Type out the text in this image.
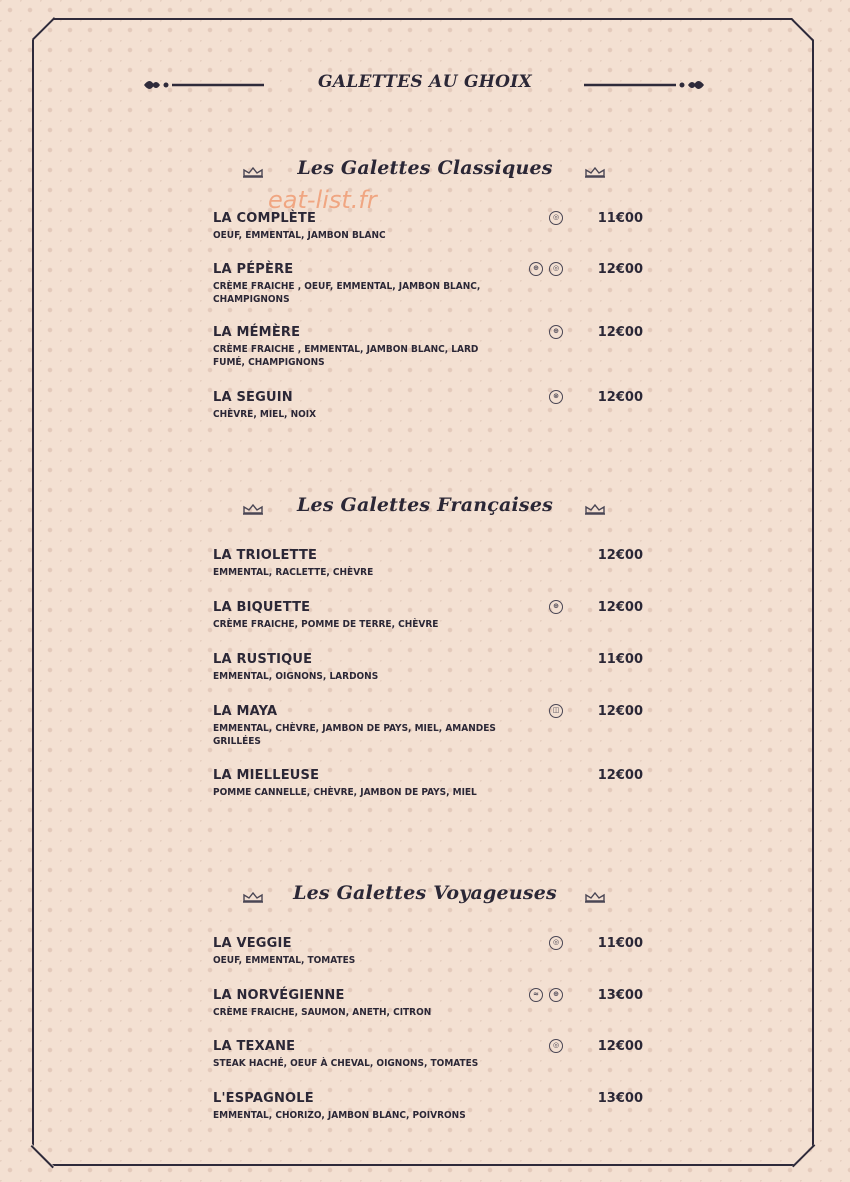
GALETTES AU GHOIX
eat-list.fr
Les Galettes Classiques
LA COMPLÈTE
OEUF, EMMENTAL, JAMBON BLANC
11€00
◎
LA PÉPÈRE
CRÈME FRAICHE , OEUF, EMMENTAL, JAMBON BLANC, CHAMPIGNONS
12€00
⊕	◎
LA MÉMÈRE
CRÈME FRAICHE , EMMENTAL, JAMBON BLANC, LARD FUMÉ, CHAMPIGNONS
12€00
⊕
LA SEGUIN
CHÈVRE, MIEL, NOIX
12€00
⊗
Les Galettes Françaises
LA TRIOLETTE
EMMENTAL, RACLETTE, CHÈVRE
12€00
LA BIQUETTE
CRÈME FRAICHE, POMME DE TERRE, CHÈVRE
12€00
⊕
LA RUSTIQUE
EMMENTAL, OIGNONS, LARDONS
11€00
LA MAYA
EMMENTAL, CHÈVRE, JAMBON DE PAYS, MIEL, AMANDES GRILLÉES
12€00
◫
LA MIELLEUSE
POMME CANNELLE, CHÈVRE, JAMBON DE PAYS, MIEL
12€00
Les Galettes Voyageuses
LA VEGGIE
OEUF, EMMENTAL, TOMATES
11€00
◎
LA NORVÉGIENNE
CRÈME FRAICHE, SAUMON, ANETH, CITRON
13€00
≈	⊕
LA TEXANE
STEAK HACHÉ, OEUF À CHEVAL, OIGNONS, TOMATES
12€00
◎
L'ESPAGNOLE
EMMENTAL, CHORIZO, JAMBON BLANC, POIVRONS
13€00
